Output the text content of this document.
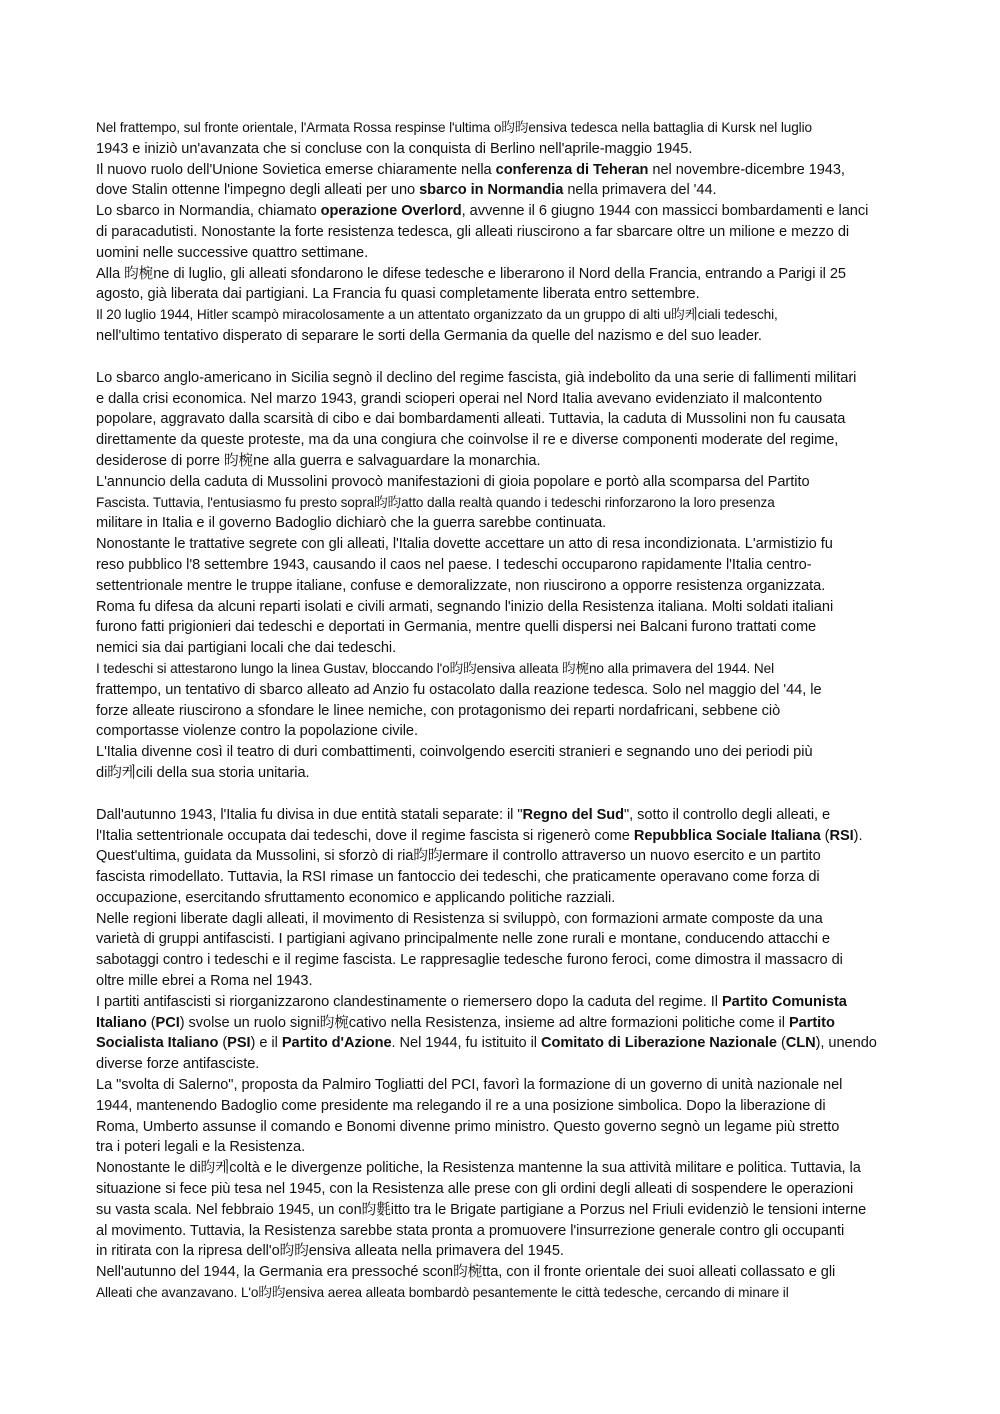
Nel frattempo, sul fronte orientale, l'Armata Rossa respinse l'ultima o昀昀ensiva tedesca nella battaglia di Kursk nel luglio
1943 e iniziò un'avanzata che si concluse con la conquista di Berlino nell'aprile-maggio 1945.
Il nuovo ruolo dell'Unione Sovietica emerse chiaramente nella conferenza di Teheran nel novembre-dicembre 1943,
dove Stalin ottenne l'impegno degli alleati per uno sbarco in Normandia nella primavera del '44.
Lo sbarco in Normandia, chiamato operazione Overlord, avvenne il 6 giugno 1944 con massicci bombardamenti e lanci
di paracadutisti. Nonostante la forte resistenza tedesca, gli alleati riuscirono a far sbarcare oltre un milione e mezzo di
uomini nelle successive quattro settimane.
Alla 昀椀ne di luglio, gli alleati sfondarono le difese tedesche e liberarono il Nord della Francia, entrando a Parigi il 25
agosto, già liberata dai partigiani. La Francia fu quasi completamente liberata entro settembre.
Il 20 luglio 1944, Hitler scampò miracolosamente a un attentato organizzato da un gruppo di alti u昀케ciali tedeschi,
nell'ultimo tentativo disperato di separare le sorti della Germania da quelle del nazismo e del suo leader.
Lo sbarco anglo-americano in Sicilia segnò il declino del regime fascista, già indebolito da una serie di fallimenti militari
e dalla crisi economica. Nel marzo 1943, grandi scioperi operai nel Nord Italia avevano evidenziato il malcontento
popolare, aggravato dalla scarsità di cibo e dai bombardamenti alleati. Tuttavia, la caduta di Mussolini non fu causata
direttamente da queste proteste, ma da una congiura che coinvolse il re e diverse componenti moderate del regime,
desiderose di porre 昀椀ne alla guerra e salvaguardare la monarchia.
L'annuncio della caduta di Mussolini provocò manifestazioni di gioia popolare e portò alla scomparsa del Partito
Fascista. Tuttavia, l'entusiasmo fu presto sopra昀昀atto dalla realtà quando i tedeschi rinforzarono la loro presenza
militare in Italia e il governo Badoglio dichiarò che la guerra sarebbe continuata.
Nonostante le trattative segrete con gli alleati, l'Italia dovette accettare un atto di resa incondizionata. L'armistizio fu
reso pubblico l'8 settembre 1943, causando il caos nel paese. I tedeschi occuparono rapidamente l'Italia centro-
settentrionale mentre le truppe italiane, confuse e demoralizzate, non riuscirono a opporre resistenza organizzata.
Roma fu difesa da alcuni reparti isolati e civili armati, segnando l'inizio della Resistenza italiana. Molti soldati italiani
furono fatti prigionieri dai tedeschi e deportati in Germania, mentre quelli dispersi nei Balcani furono trattati come
nemici sia dai partigiani locali che dai tedeschi.
I tedeschi si attestarono lungo la linea Gustav, bloccando l'o昀昀ensiva alleata 昀椀no alla primavera del 1944. Nel
frattempo, un tentativo di sbarco alleato ad Anzio fu ostacolato dalla reazione tedesca. Solo nel maggio del '44, le
forze alleate riuscirono a sfondare le linee nemiche, con protagonismo dei reparti nordafricani, sebbene ciò
comportasse violenze contro la popolazione civile.
L'Italia divenne così il teatro di duri combattimenti, coinvolgendo eserciti stranieri e segnando uno dei periodi più
di昀케cili della sua storia unitaria.
Dall'autunno 1943, l'Italia fu divisa in due entità statali separate: il "Regno del Sud", sotto il controllo degli alleati, e
l'Italia settentrionale occupata dai tedeschi, dove il regime fascista si rigenerò come Repubblica Sociale Italiana (RSI).
Quest'ultima, guidata da Mussolini, si sforzò di ria昀昀ermare il controllo attraverso un nuovo esercito e un partito
fascista rimodellato. Tuttavia, la RSI rimase un fantoccio dei tedeschi, che praticamente operavano come forza di
occupazione, esercitando sfruttamento economico e applicando politiche razziali.
Nelle regioni liberate dagli alleati, il movimento di Resistenza si sviluppò, con formazioni armate composte da una
varietà di gruppi antifascisti. I partigiani agivano principalmente nelle zone rurali e montane, conducendo attacchi e
sabotaggi contro i tedeschi e il regime fascista. Le rappresaglie tedesche furono feroci, come dimostra il massacro di
oltre mille ebrei a Roma nel 1943.
I partiti antifascisti si riorganizzarono clandestinamente o riemersero dopo la caduta del regime. Il Partito Comunista
Italiano (PCI) svolse un ruolo signi昀椀cativo nella Resistenza, insieme ad altre formazioni politiche come il Partito
Socialista Italiano (PSI) e il Partito d'Azione. Nel 1944, fu istituito il Comitato di Liberazione Nazionale (CLN), unendo
diverse forze antifasciste.
La "svolta di Salerno", proposta da Palmiro Togliatti del PCI, favorì la formazione di un governo di unità nazionale nel
1944, mantenendo Badoglio come presidente ma relegando il re a una posizione simbolica. Dopo la liberazione di
Roma, Umberto assunse il comando e Bonomi divenne primo ministro. Questo governo segnò un legame più stretto
tra i poteri legali e la Resistenza.
Nonostante le di昀케coltà e le divergenze politiche, la Resistenza mantenne la sua attività militare e politica. Tuttavia, la
situazione si fece più tesa nel 1945, con la Resistenza alle prese con gli ordini degli alleati di sospendere le operazioni
su vasta scala. Nel febbraio 1945, un con昀氀itto tra le Brigate partigiane a Porzus nel Friuli evidenziò le tensioni interne
al movimento. Tuttavia, la Resistenza sarebbe stata pronta a promuovere l'insurrezione generale contro gli occupanti
in ritirata con la ripresa dell'o昀昀ensiva alleata nella primavera del 1945.
Nell'autunno del 1944, la Germania era pressoché scon昀椀tta, con il fronte orientale dei suoi alleati collassato e gli
Alleati che avanzavano. L'o昀昀ensiva aerea alleata bombardò pesantemente le città tedesche, cercando di minare il
